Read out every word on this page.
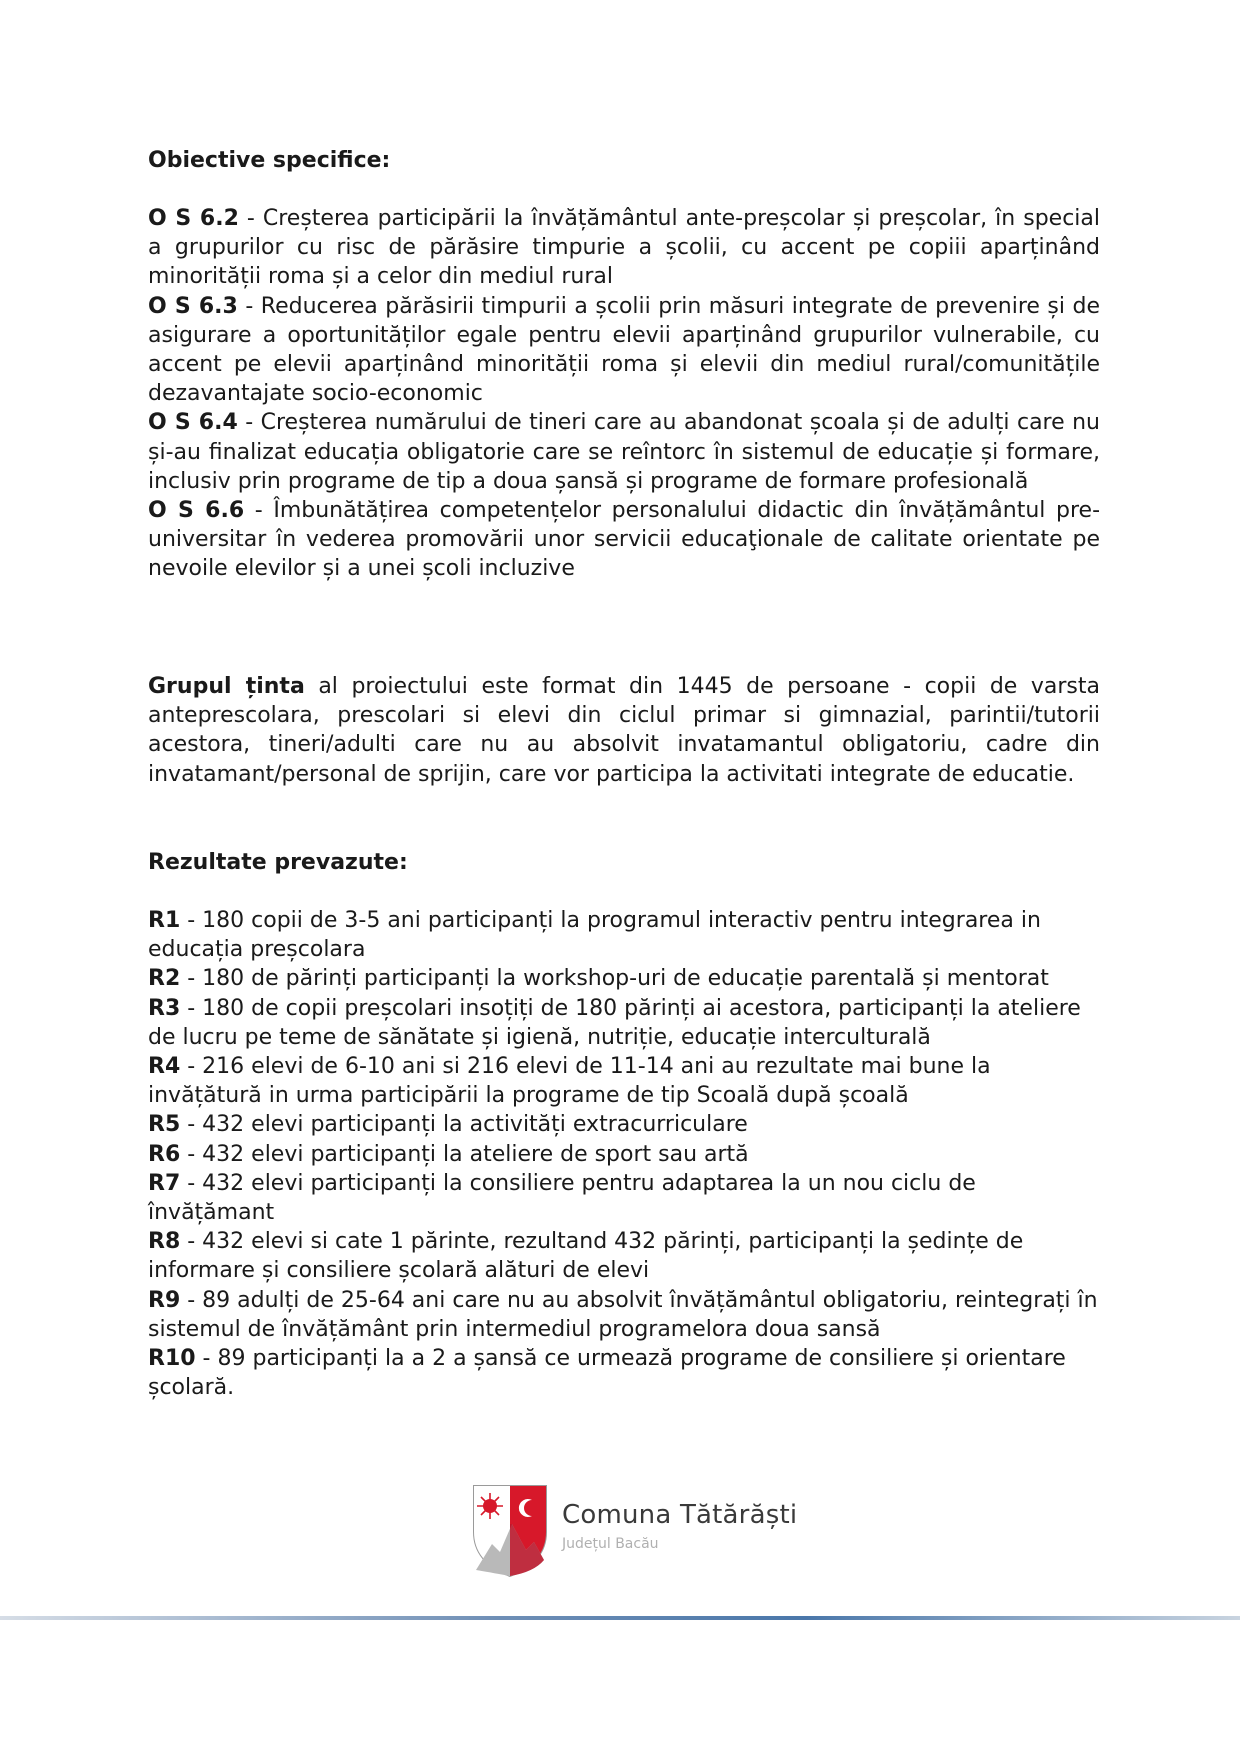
Obiective specifice:

O S 6.2 - Creșterea participării la învățământul ante-preșcolar și preșcolar, în special a grupurilor cu risc de părăsire timpurie a școlii, cu accent pe copiii aparținând minorității roma și a celor din mediul rural

O S 6.3 - Reducerea părăsirii timpurii a școlii prin măsuri integrate de prevenire și de asigurare a oportunităților egale pentru elevii aparținând grupurilor vulnerabile, cu accent pe elevii aparținând minorității roma și elevii din mediul rural/comunitățile dezavantajate socio-economic

O S 6.4 - Creșterea numărului de tineri care au abandonat școala și de adulți care nu și-au finalizat educația obligatorie care se reîntorc în sistemul de educație și formare, inclusiv prin programe de tip a doua șansă și programe de formare profesională

O S 6.6 - Îmbunătățirea competențelor personalului didactic din învățământul pre-universitar în vederea promovării unor servicii educaţionale de calitate orientate pe nevoile elevilor și a unei școli incluzive

Grupul ținta al proiectului este format din 1445 de persoane - copii de varsta anteprescolara, prescolari si elevi din ciclul primar si gimnazial, parintii/tutorii acestora, tineri/adulti care nu au absolvit invatamantul obligatoriu, cadre din invatamant/personal de sprijin, care vor participa la activitati integrate de educatie.

Rezultate prevazute:

R1 - 180 copii de 3-5 ani participanți la programul interactiv pentru integrarea in educația preșcolara

R2 - 180 de părinți participanți la workshop-uri de educație parentală și mentorat

R3 - 180 de copii preșcolari insoțiți de 180 părinți ai acestora, participanți la ateliere de lucru pe teme de sănătate și igienă, nutriție, educație interculturală

R4 - 216 elevi de 6-10 ani si 216 elevi de 11-14 ani au rezultate mai bune la invățătură in urma participării la programe de tip Scoală după școală

R5 - 432 elevi participanți la activități extracurriculare

R6 - 432 elevi participanți la ateliere de sport sau artă

R7 - 432 elevi participanți la consiliere pentru adaptarea la un nou ciclu de învățămant

R8 - 432 elevi si cate 1 părinte, rezultand 432 părinți, participanți la ședințe de informare și consiliere școlară alături de elevi

R9 - 89 adulți de 25-64 ani care nu au absolvit învățământul obligatoriu, reintegrați în sistemul de învățământ prin intermediul programelora doua sansă

R10 - 89 participanți la a 2 a șansă ce urmează programe de consiliere și orientare școlară.

Comuna Tătărăști
Județul Bacău
